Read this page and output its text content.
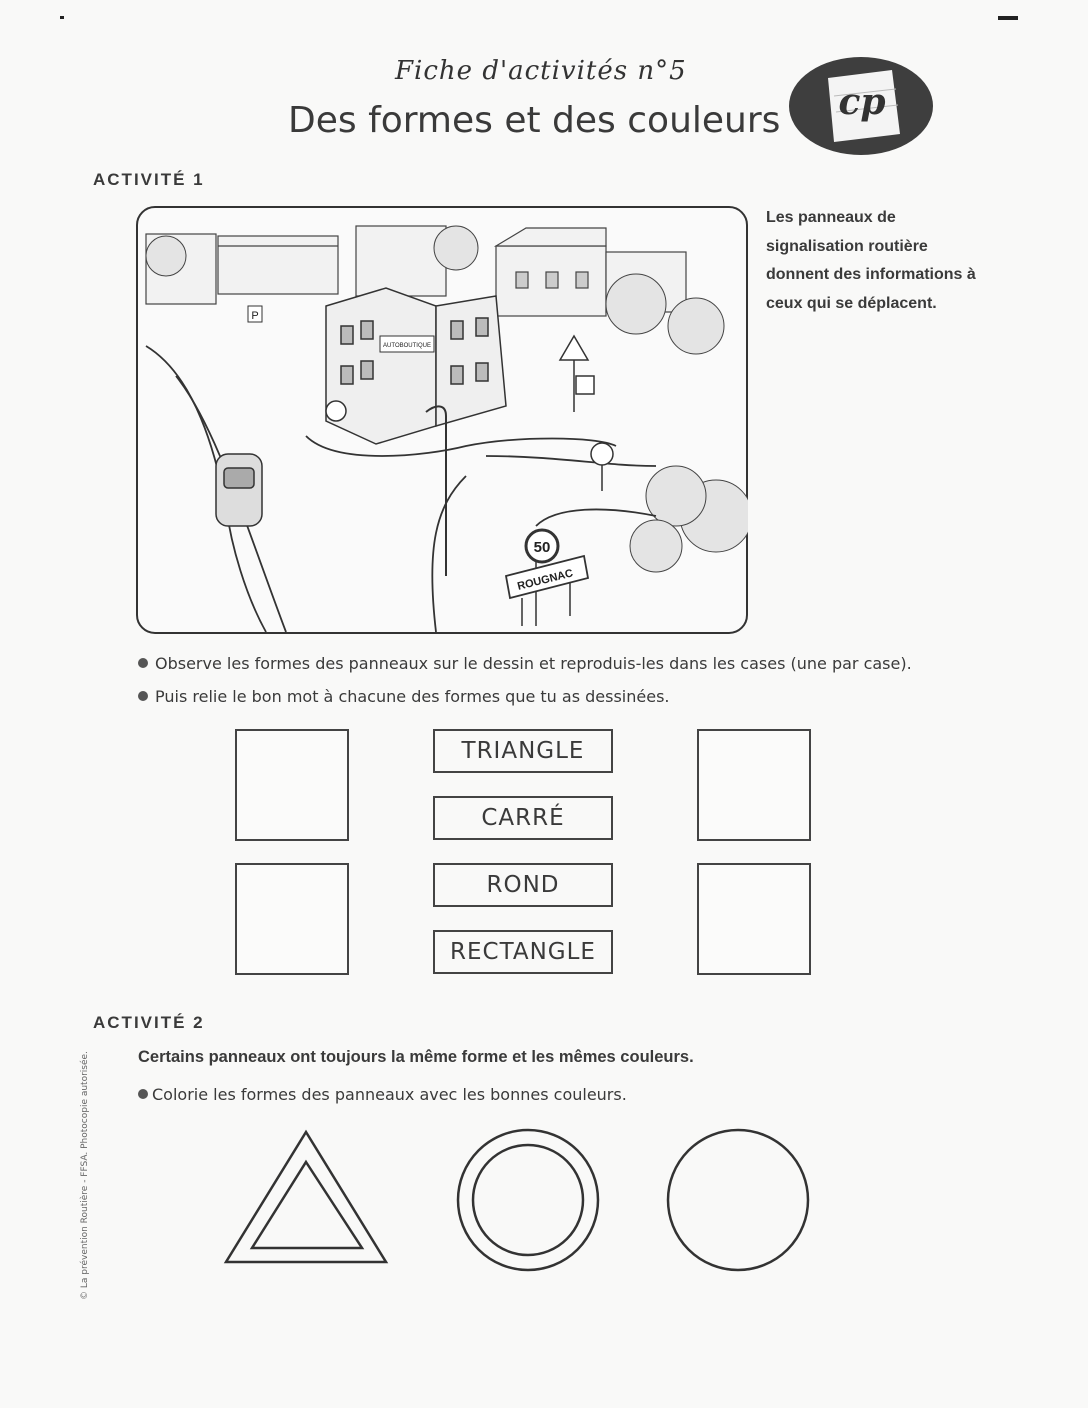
Fiche d'activités n°5
Des formes et des couleurs cp
ACTIVITÉ 1
AUTOBOUTIQUE
P
50
ROUGNAC
Les panneaux de signalisation routière donnent des informations à ceux qui se déplacent.
Observe les formes des panneaux sur le dessin et reproduis-les dans les cases (une par case).
Puis relie le bon mot à chacune des formes que tu as dessinées.
TRIANGLE
CARRÉ
ROND
RECTANGLE
ACTIVITÉ 2
Certains panneaux ont toujours la même forme et les mêmes couleurs.
Colorie les formes des panneaux avec les bonnes couleurs.
© La prévention Routière - FFSA. Photocopie autorisée.
